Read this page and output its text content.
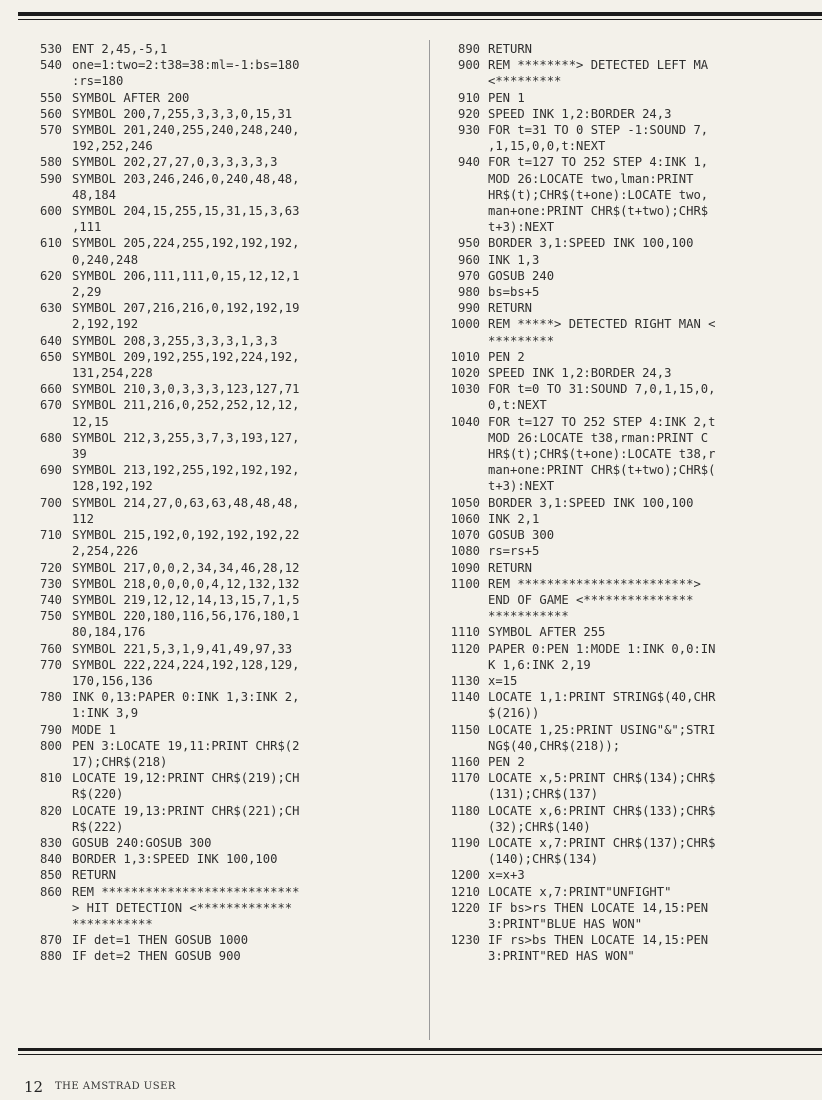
530 ENT 2,45,-5,1
540 one=1:two=2:t38=38:ml=-1:bs=180
:rs=180
550 SYMBOL AFTER 200
560 SYMBOL 200,7,255,3,3,3,0,15,31
570 SYMBOL 201,240,255,240,248,240,
192,252,246
580 SYMBOL 202,27,27,0,3,3,3,3,3
590 SYMBOL 203,246,246,0,240,48,48,
48,184
600 SYMBOL 204,15,255,15,31,15,3,63
,111
610 SYMBOL 205,224,255,192,192,192,
0,240,248
620 SYMBOL 206,111,111,0,15,12,12,1
2,29
630 SYMBOL 207,216,216,0,192,192,19
2,192,192
640 SYMBOL 208,3,255,3,3,3,1,3,3
650 SYMBOL 209,192,255,192,224,192,
131,254,228
660 SYMBOL 210,3,0,3,3,3,123,127,71
670 SYMBOL 211,216,0,252,252,12,12,
12,15
680 SYMBOL 212,3,255,3,7,3,193,127,
39
690 SYMBOL 213,192,255,192,192,192,
128,192,192
700 SYMBOL 214,27,0,63,63,48,48,48,
112
710 SYMBOL 215,192,0,192,192,192,22
2,254,226
720 SYMBOL 217,0,0,2,34,34,46,28,12
730 SYMBOL 218,0,0,0,0,4,12,132,132
740 SYMBOL 219,12,12,14,13,15,7,1,5
750 SYMBOL 220,180,116,56,176,180,1
80,184,176
760 SYMBOL 221,5,3,1,9,41,49,97,33
770 SYMBOL 222,224,224,192,128,129,
170,156,136
780 INK 0,13:PAPER 0:INK 1,3:INK 2,
1:INK 3,9
790 MODE 1
800 PEN 3:LOCATE 19,11:PRINT CHR$(2
17);CHR$(218)
810 LOCATE 19,12:PRINT CHR$(219);CH
R$(220)
820 LOCATE 19,13:PRINT CHR$(221);CH
R$(222)
830 GOSUB 240:GOSUB 300
840 BORDER 1,3:SPEED INK 100,100
850 RETURN
860 REM ***************************
> HIT DETECTION <*************
***********
870 IF det=1 THEN GOSUB 1000
880 IF det=2 THEN GOSUB 900
890 RETURN
900 REM ********> DETECTED LEFT MA
<*********
910 PEN 1
920 SPEED INK 1,2:BORDER 24,3
930 FOR t=31 TO 0 STEP -1:SOUND 7,
,1,15,0,0,t:NEXT
940 FOR t=127 TO 252 STEP 4:INK 1,
MOD 26:LOCATE two,lman:PRINT
HR$(t);CHR$(t+one):LOCATE two,
man+one:PRINT CHR$(t+two);CHR$
t+3):NEXT
950 BORDER 3,1:SPEED INK 100,100
960 INK 1,3
970 GOSUB 240
980 bs=bs+5
990 RETURN
1000 REM *****> DETECTED RIGHT MAN <
*********
1010 PEN 2
1020 SPEED INK 1,2:BORDER 24,3
1030 FOR t=0 TO 31:SOUND 7,0,1,15,0,
0,t:NEXT
1040 FOR t=127 TO 252 STEP 4:INK 2,t
MOD 26:LOCATE t38,rman:PRINT C
HR$(t);CHR$(t+one):LOCATE t38,r
man+one:PRINT CHR$(t+two);CHR$(
t+3):NEXT
1050 BORDER 3,1:SPEED INK 100,100
1060 INK 2,1
1070 GOSUB 300
1080 rs=rs+5
1090 RETURN
1100 REM ************************>
END OF GAME <***************
***********
1110 SYMBOL AFTER 255
1120 PAPER 0:PEN 1:MODE 1:INK 0,0:IN
K 1,6:INK 2,19
1130 x=15
1140 LOCATE 1,1:PRINT STRING$(40,CHR
$(216))
1150 LOCATE 1,25:PRINT USING"&";STRI
NG$(40,CHR$(218));
1160 PEN 2
1170 LOCATE x,5:PRINT CHR$(134);CHR$
(131);CHR$(137)
1180 LOCATE x,6:PRINT CHR$(133);CHR$
(32);CHR$(140)
1190 LOCATE x,7:PRINT CHR$(137);CHR$
(140);CHR$(134)
1200 x=x+3
1210 LOCATE x,7:PRINT"UNFIGHT"
1220 IF bs>rs THEN LOCATE 14,15:PEN
3:PRINT"BLUE HAS WON"
1230 IF rs>bs THEN LOCATE 14,15:PEN
3:PRINT"RED HAS WON"
12 THE AMSTRAD USER
